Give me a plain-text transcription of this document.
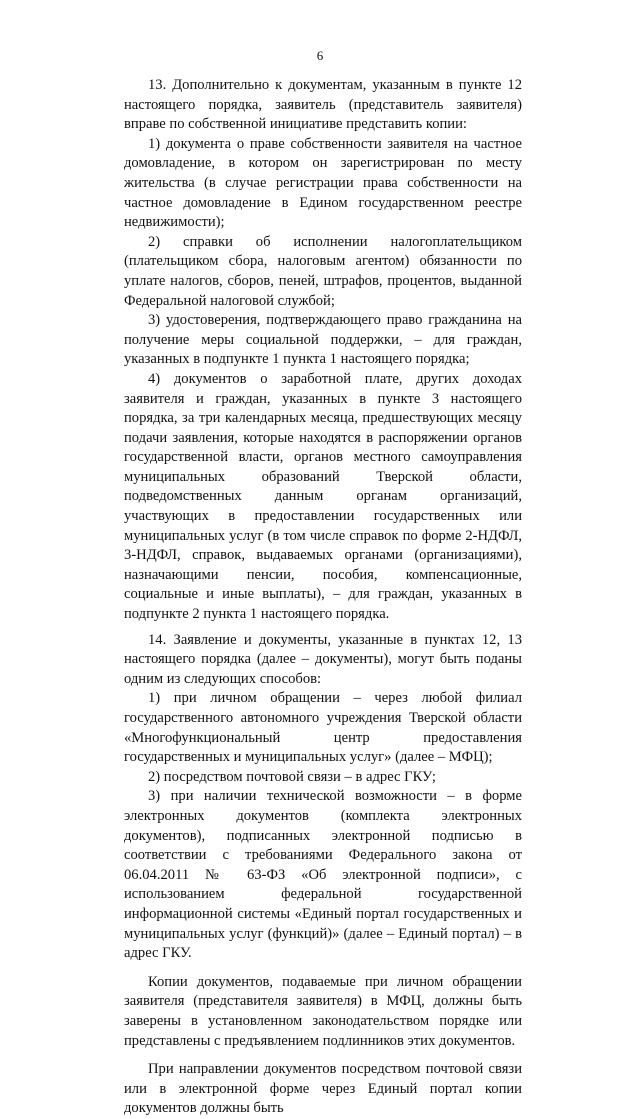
6

13. Дополнительно к документам, указанным в пункте 12 настоящего порядка, заявитель (представитель заявителя) вправе по собственной инициативе представить копии:

1) документа о праве собственности заявителя на частное домовладение, в котором он зарегистрирован по месту жительства (в случае регистрации права собственности на частное домовладение в Едином государственном реестре недвижимости);

2) справки об исполнении налогоплательщиком (плательщиком сбора, налоговым агентом) обязанности по уплате налогов, сборов, пеней, штрафов, процентов, выданной Федеральной налоговой службой;

3) удостоверения, подтверждающего право гражданина на получение меры социальной поддержки, – для граждан, указанных в подпункте 1 пункта 1 настоящего порядка;

4) документов о заработной плате, других доходах заявителя и граждан, указанных в пункте 3 настоящего порядка, за три календарных месяца, предшествующих месяцу подачи заявления, которые находятся в распоряжении органов государственной власти, органов местного самоуправления муниципальных образований Тверской области, подведомственных данным органам организаций, участвующих в предоставлении государственных или муниципальных услуг (в том числе справок по форме 2-НДФЛ, 3-НДФЛ, справок, выдаваемых органами (организациями), назначающими пенсии, пособия, компенсационные, социальные и иные выплаты), – для граждан, указанных в подпункте 2 пункта 1 настоящего порядка.

14. Заявление и документы, указанные в пунктах 12, 13 настоящего порядка (далее – документы), могут быть поданы одним из следующих способов:

1) при личном обращении – через любой филиал государственного автономного учреждения Тверской области «Многофункциональный центр предоставления государственных и муниципальных услуг» (далее – МФЦ);

2) посредством почтовой связи – в адрес ГКУ;

3) при наличии технической возможности – в форме электронных документов (комплекта электронных документов), подписанных электронной подписью в соответствии с требованиями Федерального закона от 06.04.2011 № 63-ФЗ «Об электронной подписи», с использованием федеральной государственной информационной системы «Единый портал государственных и муниципальных услуг (функций)» (далее – Единый портал) – в адрес ГКУ.

Копии документов, подаваемые при личном обращении заявителя (представителя заявителя) в МФЦ, должны быть заверены в установленном законодательством порядке или представлены с предъявлением подлинников этих документов.

При направлении документов посредством почтовой связи или в электронной форме через Единый портал копии документов должны быть
